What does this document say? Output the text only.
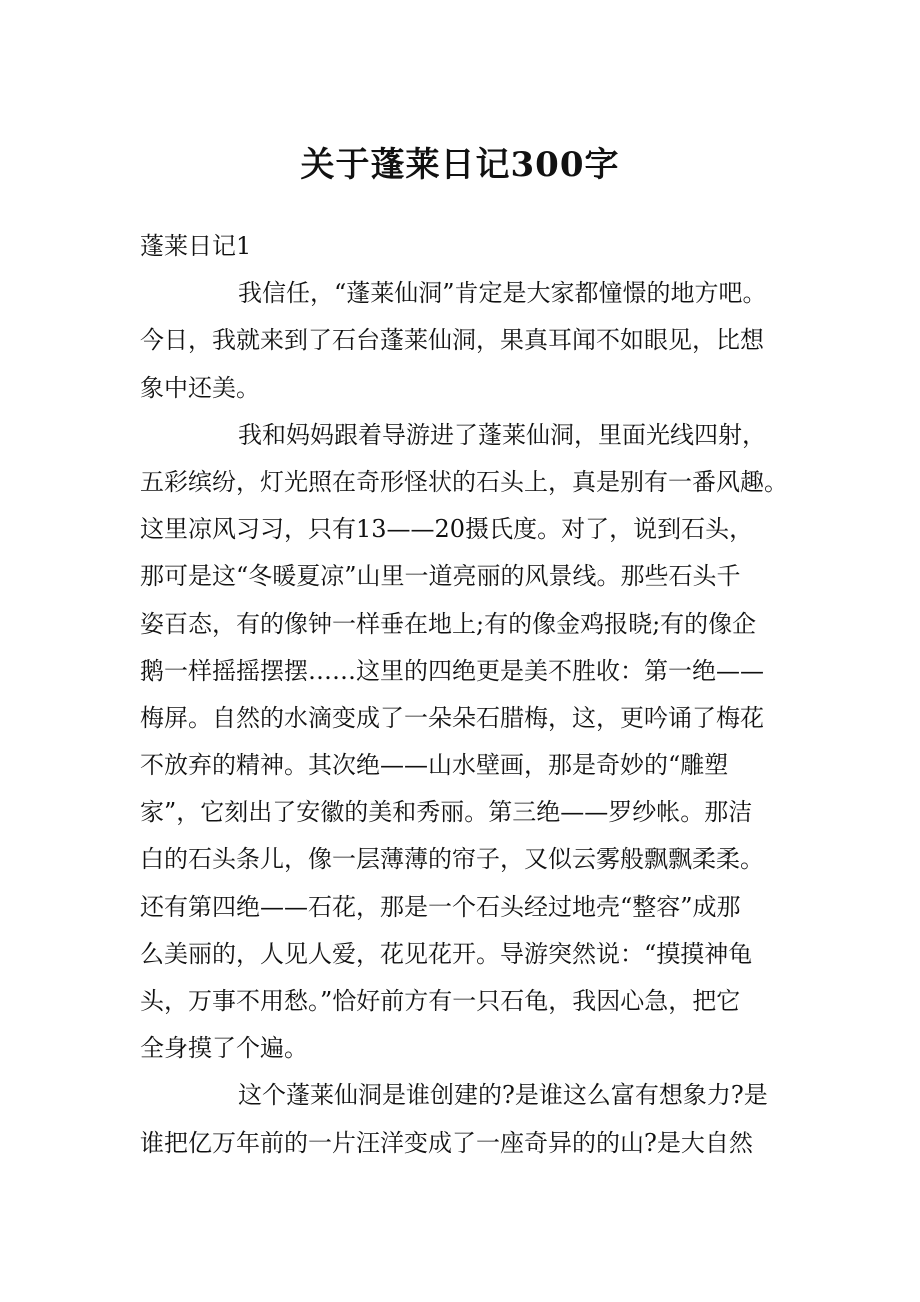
关于蓬莱日记300字
蓬莱日记1
我信任，“蓬莱仙洞”肯定是大家都憧憬的地方吧。
今日，我就来到了石台蓬莱仙洞，果真耳闻不如眼见，比想
象中还美。
我和妈妈跟着导游进了蓬莱仙洞，里面光线四射，
五彩缤纷，灯光照在奇形怪状的石头上，真是别有一番风趣。
这里凉风习习，只有13——20摄氏度。对了，说到石头，
那可是这“冬暖夏凉”山里一道亮丽的风景线。那些石头千
姿百态，有的像钟一样垂在地上;有的像金鸡报晓;有的像企
鹅一样摇摇摆摆……这里的四绝更是美不胜收：第一绝——
梅屏。自然的水滴变成了一朵朵石腊梅，这，更吟诵了梅花
不放弃的精神。其次绝——山水壁画，那是奇妙的“雕塑
家”，它刻出了安徽的美和秀丽。第三绝——罗纱帐。那洁
白的石头条儿，像一层薄薄的帘子，又似云雾般飘飘柔柔。
还有第四绝——石花，那是一个石头经过地壳“整容”成那
么美丽的，人见人爱，花见花开。导游突然说：“摸摸神龟
头，万事不用愁。”恰好前方有一只石龟，我因心急，把它
全身摸了个遍。
这个蓬莱仙洞是谁创建的?是谁这么富有想象力?是
谁把亿万年前的一片汪洋变成了一座奇异的的山?是大自然
